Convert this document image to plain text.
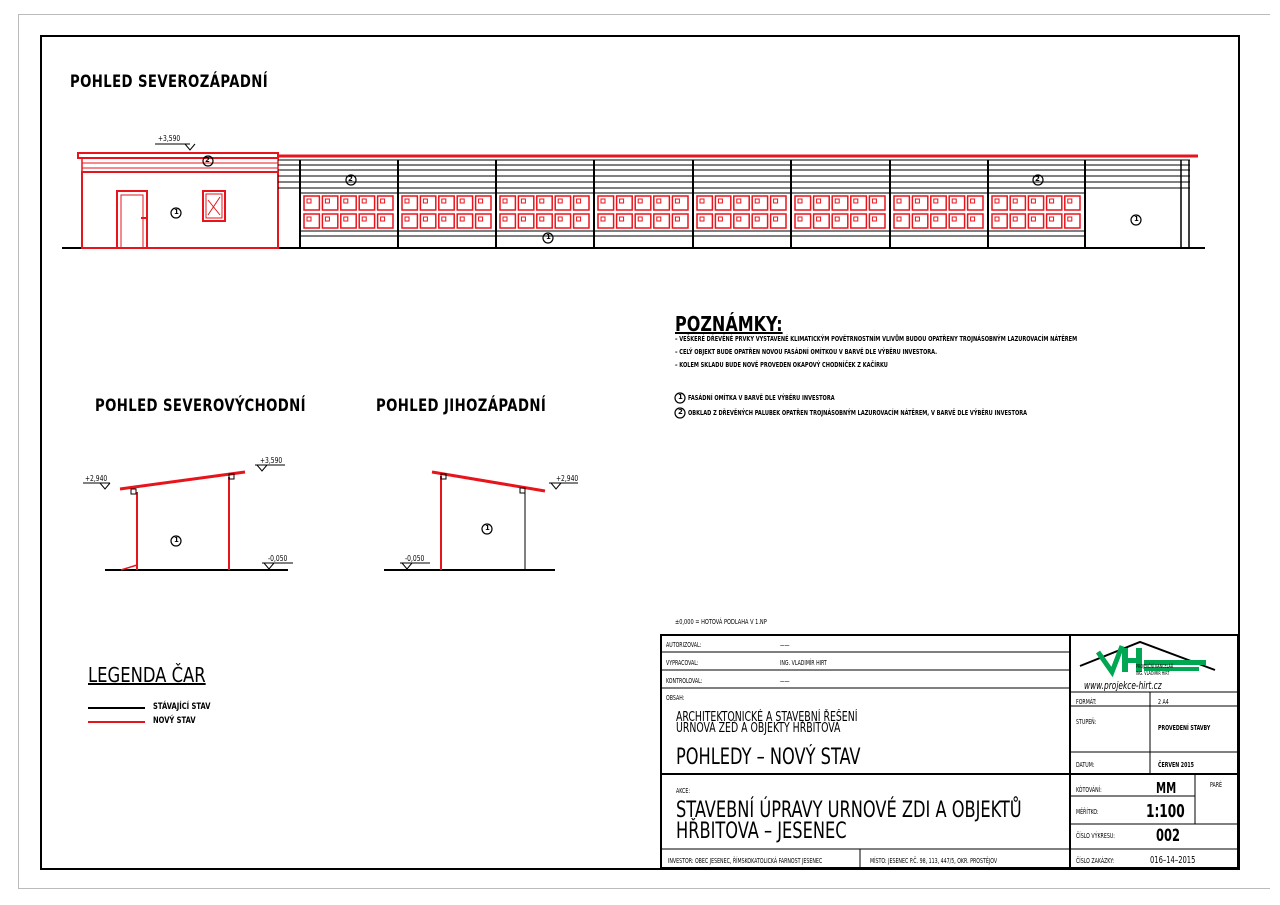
POHLED SEVEROZÁPADNÍ
POHLED SEVEROVÝCHODNÍ	POHLED JIHOZÁPADNÍ
2
2	2
1
1
1
1
1
1
2
+3,590
+2,940
+3,590
-0,050
+2,940
-0,050
POZNÁMKY:
– VEŠKERÉ DŘEVĚNÉ PRVKY VYSTAVENÉ KLIMATICKÝM POVĚTRNOSTNÍM VLIVŮM BUDOU OPATŘENY TROJNÁSOBNÝM LAZUROVACÍM NÁTĚREM
– CELÝ OBJEKT BUDE OPATŘEN NOVOU FASÁDNÍ OMÍTKOU V BARVĚ DLE VÝBĚRU INVESTORA.
– KOLEM SKLADU BUDE NOVĚ PROVEDEN OKAPOVÝ CHODNÍČEK Z KAČÍRKU
FASÁDNÍ OMÍTKA V BARVĚ DLE VÝBĚRU INVESTORA
OBKLAD Z DŘEVĚNÝCH PALUBEK OPATŘEN TROJNÁSOBNÝM LAZUROVACÍM NÁTĚREM, V BARVĚ DLE VÝBĚRU INVESTORA
±0,000 = HOTOVÁ PODLAHA V 1.NP
LEGENDA ČAR
STÁVAJÍCÍ STAV
NOVÝ STAV
AUTORIZOVAL:	——
VYPRACOVAL:	ING. VLADIMÍR HIRT
KONTROLOVAL:	——
OBSAH:
ARCHITEKTONICKÉ A STAVEBNÍ ŘEŠENÍ
URNOVÁ ZEĎ A OBJEKTY HŘBITOVA
POHLEDY – NOVÝ STAV
AKCE:
STAVEBNÍ ÚPRAVY URNOVÉ ZDI A OBJEKTŮ
HŘBITOVA – JESENEC
INVESTOR: OBEC JESENEC, ŘÍMSKOKATOLICKÁ FARNOST JESENEC	MÍSTO: JESENEC P.Č. 98, 113, 447/5, OKR. PROSTĚJOV
PROJEKČNÍ KANCELÁŘ
ING. VLADIMÍR HIRT
www.projekce-hirt.cz
FORMÁT:	2 A4
STUPEŇ:
PROVEDENÍ STAVBY
DATUM:	ČERVEN 2015
KÓTOVÁNÍ:	MM	PARÉ
MĚŘÍTKO:	1:100
ČÍSLO VÝKRESU: 002
ČÍSLO ZAKÁZKY:	016–14–2015
